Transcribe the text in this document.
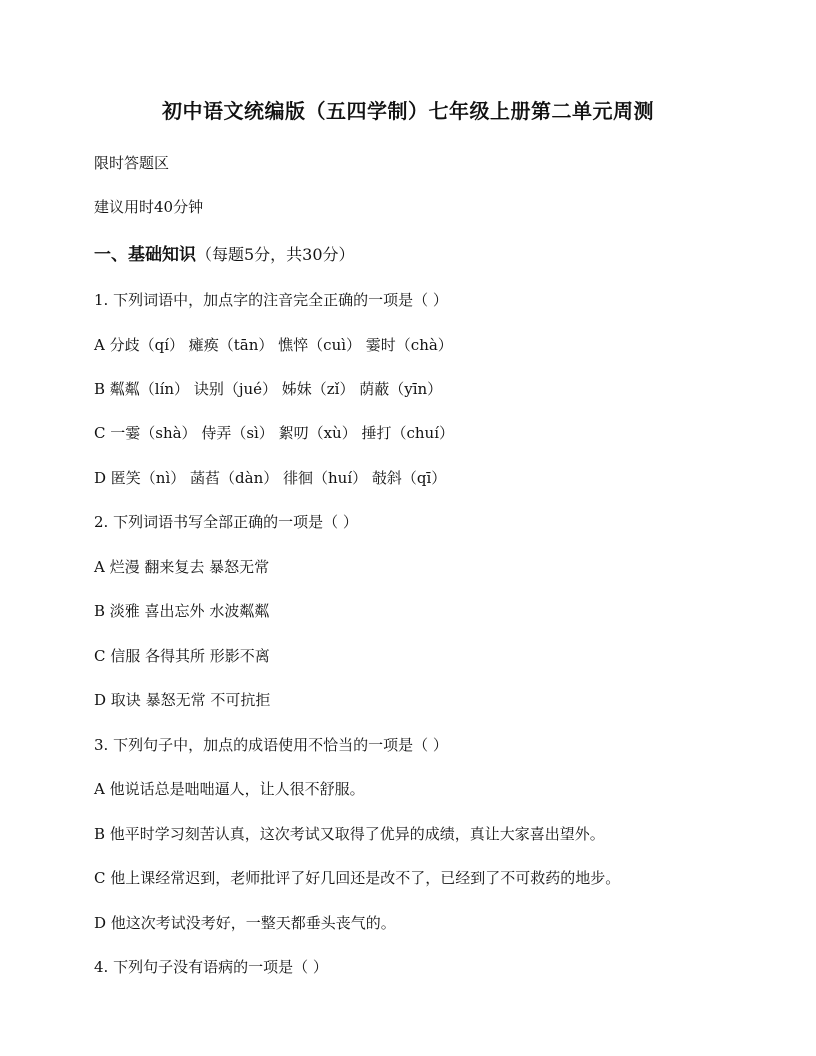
初中语文统编版（五四学制）七年级上册第二单元周测
限时答题区
建议用时40分钟
一、基础知识（每题5分，共30分）
1. 下列词语中，加点字的注音完全正确的一项是（ ）
A 分歧（qí） 瘫痪（tān） 憔悴（cuì） 霎时（chà）
B 粼粼（lín） 诀别（jué） 姊妹（zǐ） 荫蔽（yīn）
C 一霎（shà） 侍弄（sì） 絮叨（xù） 捶打（chuí）
D 匿笑（nì） 菡萏（dàn） 徘徊（huí） 攲斜（qī）
2. 下列词语书写全部正确的一项是（ ）
A 烂漫 翻来复去 暴怒无常
B 淡雅 喜出忘外 水波粼粼
C 信服 各得其所 形影不离
D 取诀 暴怒无常 不可抗拒
3. 下列句子中，加点的成语使用不恰当的一项是（ ）
A 他说话总是咄咄逼人，让人很不舒服。
B 他平时学习刻苦认真，这次考试又取得了优异的成绩，真让大家喜出望外。
C 他上课经常迟到，老师批评了好几回还是改不了，已经到了不可救药的地步。
D 他这次考试没考好，一整天都垂头丧气的。
4. 下列句子没有语病的一项是（ ）
